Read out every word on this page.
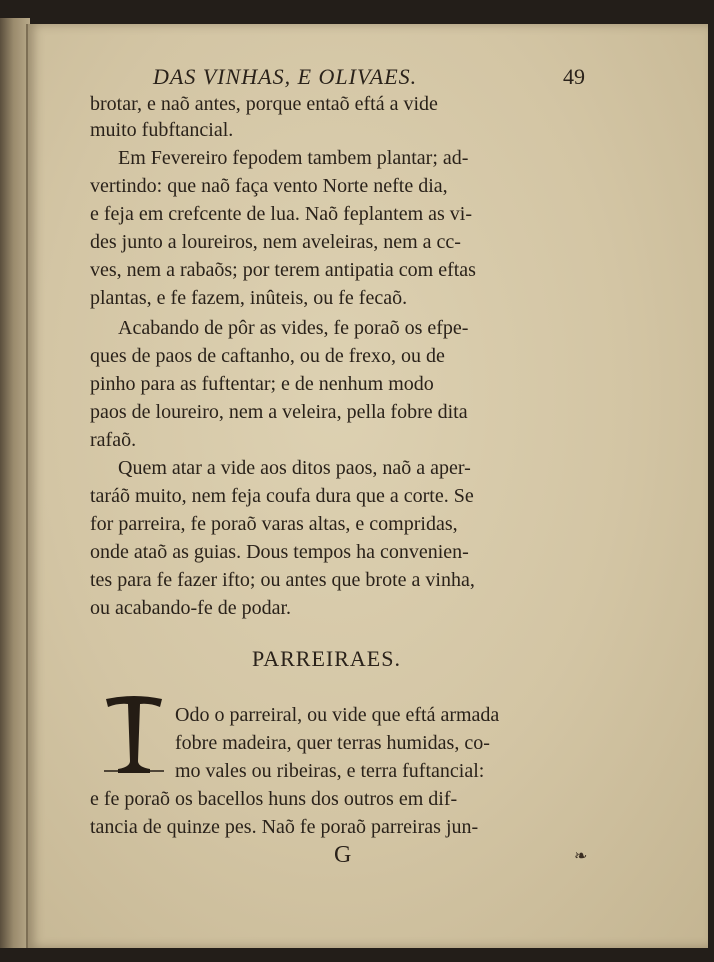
DAS VINHAS, E OLIVAES.	49
brotar, e naõ antes, porque entaõ eftá a vide
muito fubftancial.
Em Fevereiro fepodem tambem plantar; ad-
vertindo: que naõ faça vento Norte nefte dia,
e feja em crefcente de lua. Naõ feplantem as vi-
des junto a loureiros, nem aveleiras, nem a cc-
ves, nem a rabaõs; por terem antipatia com eftas
plantas, e fe fazem, inûteis, ou fe fecaõ.
Acabando de pôr as vides, fe poraõ os efpe-
ques de paos de caftanho, ou de frexo, ou de
pinho para as fuftentar; e de nenhum modo
paos de loureiro, nem a veleira, pella fobre dita
rafaõ.
Quem atar a vide aos ditos paos, naõ a aper-
taráõ muito, nem feja coufa dura que a corte. Se
for parreira, fe poraõ varas altas, e compridas,
onde ataõ as guias. Dous tempos ha convenien-
tes para fe fazer ifto; ou antes que brote a vinha,
ou acabando-fe de podar.
PARREIRAES.
Odo o parreiral, ou vide que eftá armada
fobre madeira, quer terras humidas, co-
mo vales ou ribeiras, e terra fuftancial:
e fe poraõ os bacellos huns dos outros em dif-
tancia de quinze pes. Naõ fe poraõ parreiras jun-
G	❧
